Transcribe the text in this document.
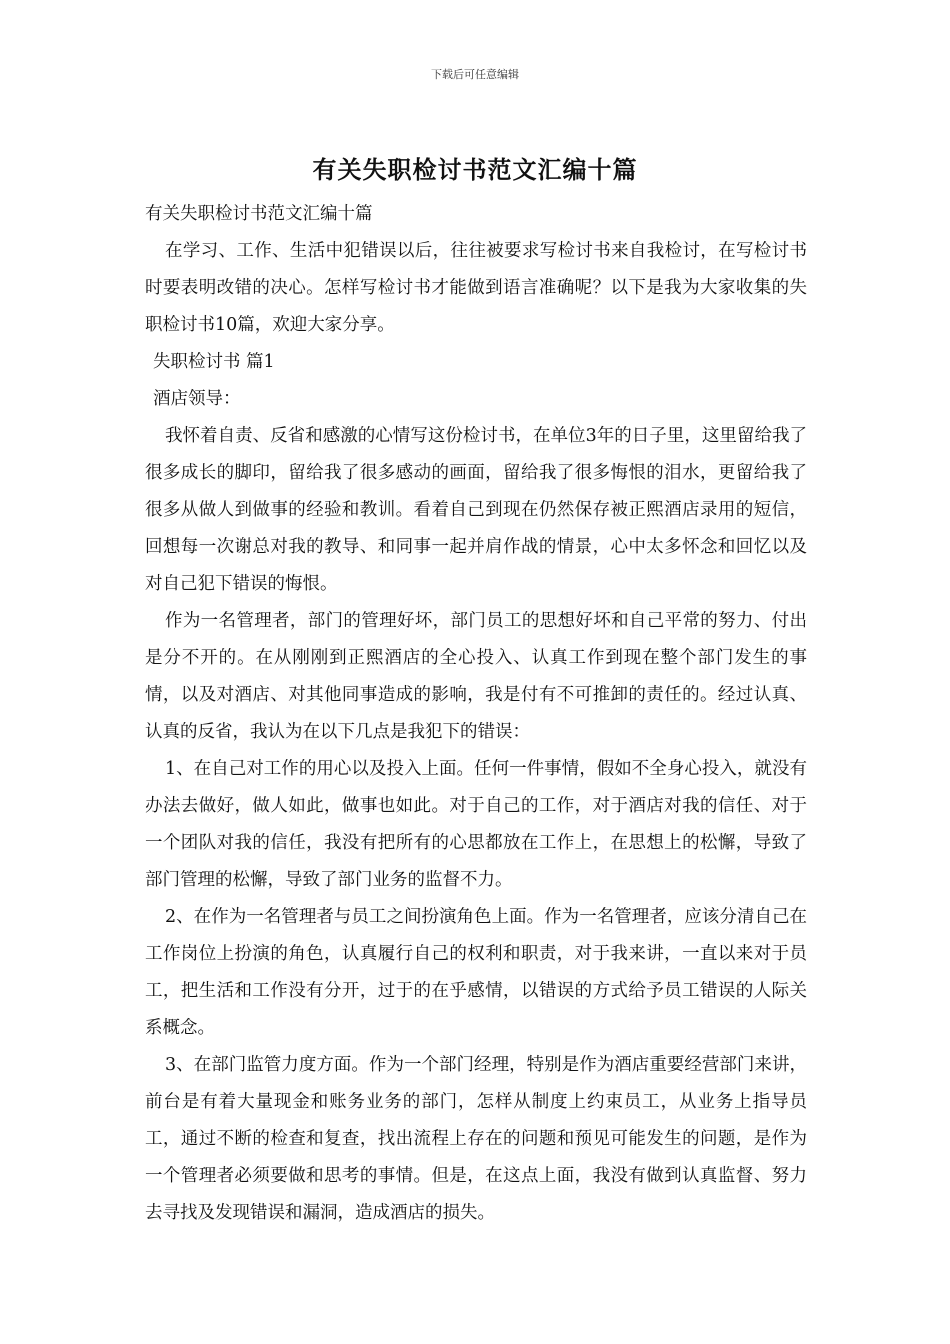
下载后可任意编辑
有关失职检讨书范文汇编十篇

有关失职检讨书范文汇编十篇

在学习、工作、生活中犯错误以后，往往被要求写检讨书来自我检讨，在写检讨书时要表明改错的决心。怎样写检讨书才能做到语言准确呢？以下是我为大家收集的失职检讨书10篇，欢迎大家分享。

失职检讨书 篇1

酒店领导：

我怀着自责、反省和感激的心情写这份检讨书，在单位3年的日子里，这里留给我了很多成长的脚印，留给我了很多感动的画面，留给我了很多悔恨的泪水，更留给我了很多从做人到做事的经验和教训。看着自己到现在仍然保存被正熙酒店录用的短信，回想每一次谢总对我的教导、和同事一起并肩作战的情景，心中太多怀念和回忆以及对自己犯下错误的悔恨。

作为一名管理者，部门的管理好坏，部门员工的思想好坏和自己平常的努力、付出是分不开的。在从刚刚到正熙酒店的全心投入、认真工作到现在整个部门发生的事情，以及对酒店、对其他同事造成的影响，我是付有不可推卸的责任的。经过认真、认真的反省，我认为在以下几点是我犯下的错误：

1、在自己对工作的用心以及投入上面。任何一件事情，假如不全身心投入，就没有办法去做好，做人如此，做事也如此。对于自己的工作，对于酒店对我的信任、对于一个团队对我的信任，我没有把所有的心思都放在工作上，在思想上的松懈，导致了部门管理的松懈，导致了部门业务的监督不力。

2、在作为一名管理者与员工之间扮演角色上面。作为一名管理者，应该分清自己在工作岗位上扮演的角色，认真履行自己的权利和职责，对于我来讲，一直以来对于员工，把生活和工作没有分开，过于的在乎感情，以错误的方式给予员工错误的人际关系概念。

3、在部门监管力度方面。作为一个部门经理，特别是作为酒店重要经营部门来讲，前台是有着大量现金和账务业务的部门，怎样从制度上约束员工，从业务上指导员工，通过不断的检查和复查，找出流程上存在的问题和预见可能发生的问题，是作为一个管理者必须要做和思考的事情。但是，在这点上面，我没有做到认真监督、努力去寻找及发现错误和漏洞，造成酒店的损失。
